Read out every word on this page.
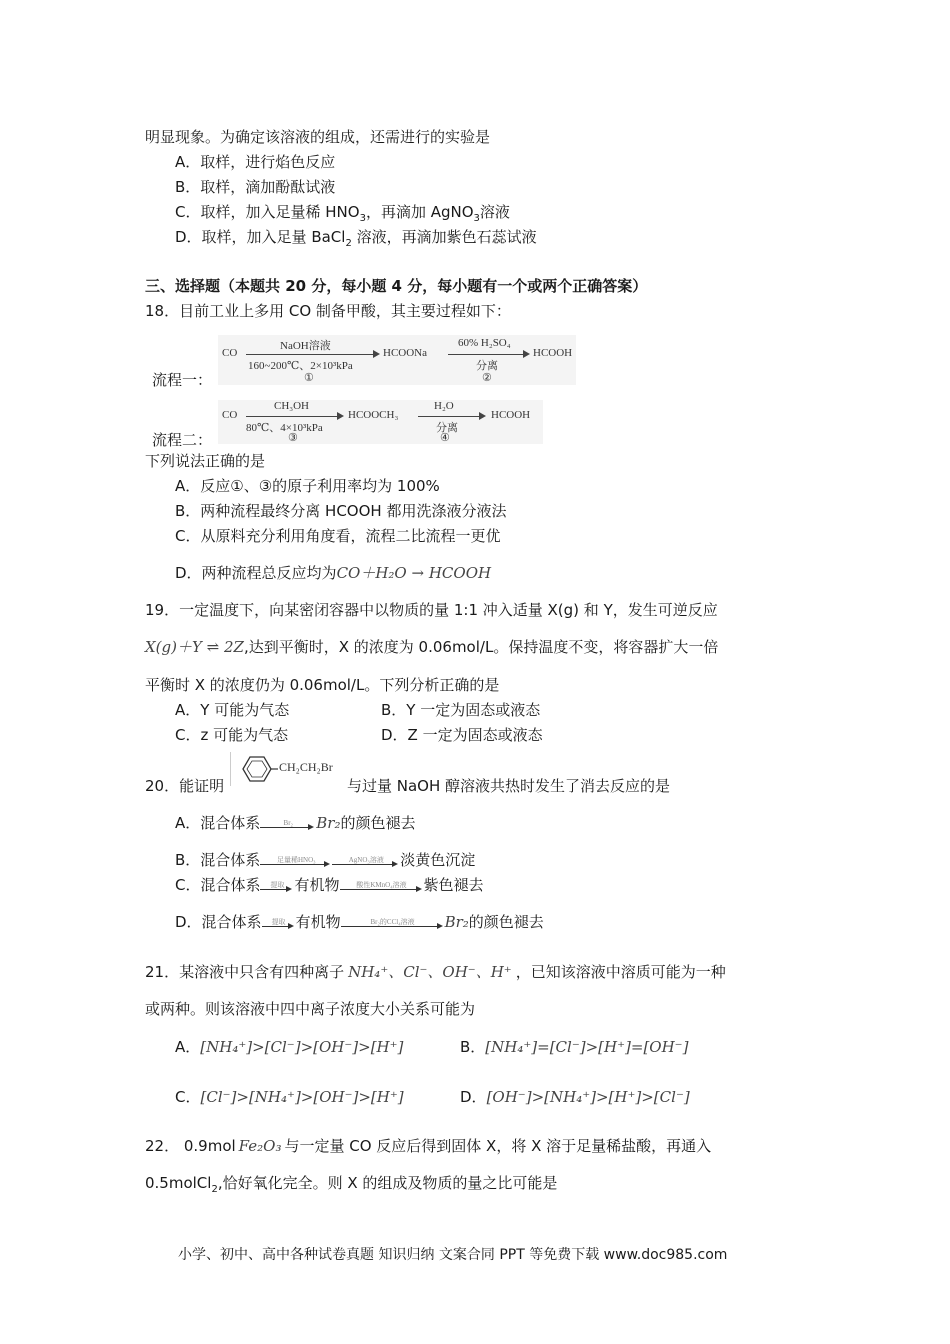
明显现象。为确定该溶液的组成，还需进行的实验是
A．取样，进行焰色反应
B．取样，滴加酚酞试液
C．取样，加入足量稀 $HNO_3$，再滴加 AgNO$_3$溶液
D．取样，加入足量 BaCl$_2$ 溶液，再滴加紫色石蕊试液
三、选择题（本题共 20 分，每小题 4 分，每小题有一个或两个正确答案）
18．目前工业上多用 CO 制备甲酸，其主要过程如下：
CO
NaOH溶液
160~200℃、2×10³kPa
①
HCOONa
60% H₂SO₄
分离
②
HCOOH
流程一：
CO
CH₃OH
80℃、4×10³kPa
③
HCOOCH₃
H₂O
分离
④
HCOOH
流程二：
下列说法正确的是
A．反应①、③的原子利用率均为 100%
B．两种流程最终分离 HCOOH 都用洗涤液分液法
C．从原料充分利用角度看，流程二比流程一更优
D．两种流程总反应均为CO＋H₂O → HCOOH
19．一定温度下，向某密闭容器中以物质的量 1:1 冲入适量 X(g) 和 Y，发生可逆反应
X(g)＋Y ⇌ 2Z,达到平衡时，X 的浓度为 0.06mol/L。保持温度不变，将容器扩大一倍
平衡时 X 的浓度仍为 0.06mol/L。下列分析正确的是
A．Y 可能为气态	B．Y 一定为固态或液态
C．z 可能为气态	D．Z 一定为固态或液态
CH₂CH₂Br
20．能证明	与过量 NaOH 醇溶液共热时发生了消去反应的是
A．混合体系	Br₂	Br₂的颜色褪去
B．混合体系	足量稀HNO₃	AgNO₃溶液	淡黄色沉淀
C．混合体系	提取 有机物	酸性KMnO₄溶液	紫色褪去
D．混合体系	提取 有机物	Br₂的CCl₄溶液	Br₂的颜色褪去
21．某溶液中只含有四种离子 NH₄⁺、Cl⁻、OH⁻、H⁺ ，已知该溶液中溶质可能为一种
或两种。则该溶液中四中离子浓度大小关系可能为
A．[NH₄⁺]>[Cl⁻]>[OH⁻]>[H⁺]	B．[NH₄⁺]=[Cl⁻]>[H⁺]=[OH⁻]
C．[Cl⁻]>[NH₄⁺]>[OH⁻]>[H⁺]	D．[OH⁻]>[NH₄⁺]>[H⁺]>[Cl⁻]
22． 0.9mol Fe₂O₃ 与一定量 CO 反应后得到固体 X，将 X 溶于足量稀盐酸，再通入
0.5molCl$_2$,恰好氧化完全。则 X 的组成及物质的量之比可能是
小学、初中、高中各种试卷真题 知识归纳 文案合同 PPT 等免费下载 www.doc985.com
